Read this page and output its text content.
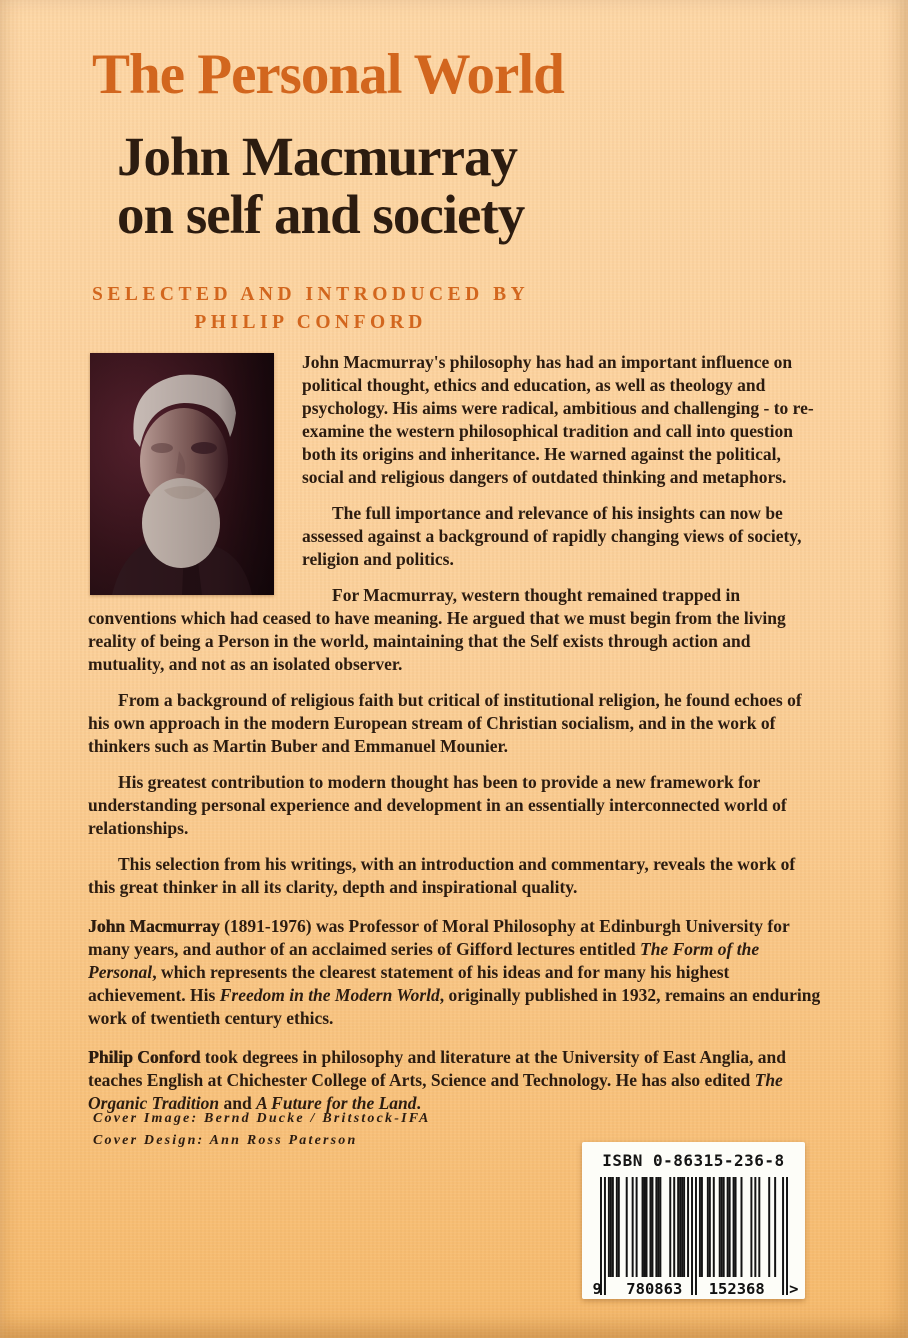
The Personal World
John Macmurray
on self and society
SELECTED AND INTRODUCED BY
PHILIP CONFORD

John Macmurray's philosophy has had an important influence on political thought, ethics and education, as well as theology and psychology. His aims were radical, ambitious and challenging - to re-examine the western philosophical tradition and call into question both its origins and inheritance. He warned against the political, social and religious dangers of outdated thinking and metaphors.

The full importance and relevance of his insights can now be assessed against a background of rapidly changing views of society, religion and politics.

For Macmurray, western thought remained trapped in conventions which had ceased to have meaning. He argued that we must begin from the living reality of being a Person in the world, maintaining that the Self exists through action and mutuality, and not as an isolated observer.

From a background of religious faith but critical of institutional religion, he found echoes of his own approach in the modern European stream of Christian socialism, and in the work of thinkers such as Martin Buber and Emmanuel Mounier.

His greatest contribution to modern thought has been to provide a new framework for understanding personal experience and development in an essentially interconnected world of relationships.

This selection from his writings, with an introduction and commentary, reveals the work of this great thinker in all its clarity, depth and inspirational quality.

John Macmurray (1891-1976) was Professor of Moral Philosophy at Edinburgh University for many years, and author of an acclaimed series of Gifford lectures entitled The Form of the Personal, which represents the clearest statement of his ideas and for many his highest achievement. His Freedom in the Modern World, originally published in 1932, remains an enduring work of twentieth century ethics.

Philip Conford took degrees in philosophy and literature at the University of East Anglia, and teaches English at Chichester College of Arts, Science and Technology. He has also edited The Organic Tradition and A Future for the Land.

Cover Image: Bernd Ducke / Britstock-IFA
Cover Design: Ann Ross Paterson
ISBN 0-86315-236-8
9 780863 152368 >
